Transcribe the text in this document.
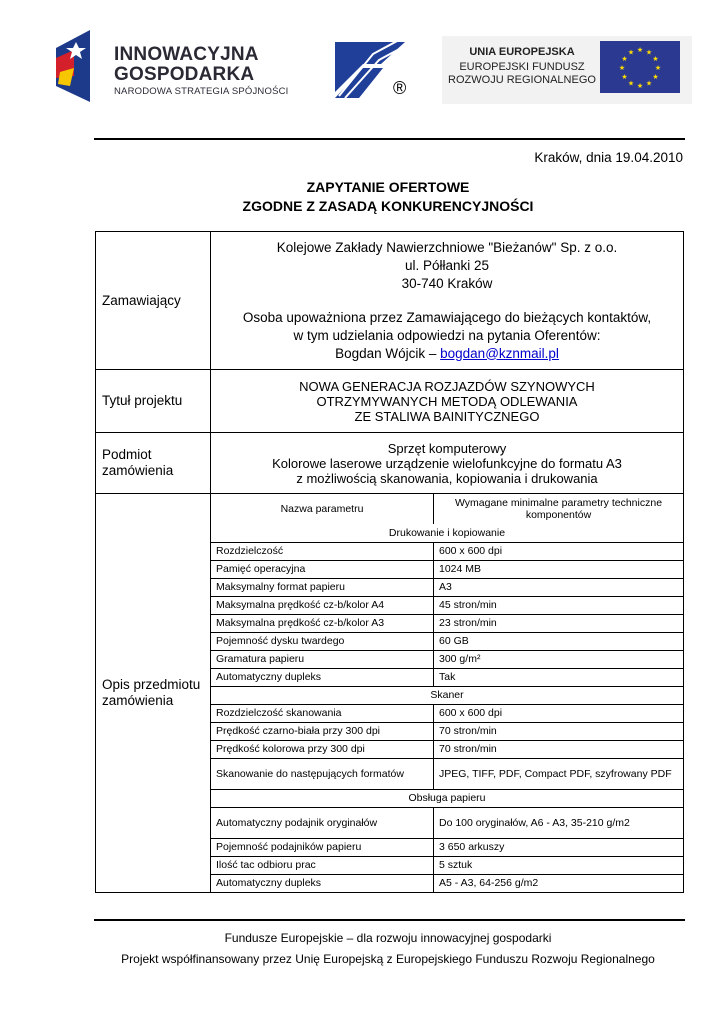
INNOWACYJNA
GOSPODARKA
NARODOWA STRATEGIA SPÓJNOŚCI	®
UNIA EUROPEJSKA
EUROPEJSKI FUNDUSZ
ROZWOJU REGIONALNEGO
★ ★
★
★
★
★
★
★
★
★
★
★
Kraków, dnia 19.04.2010
ZAPYTANIE OFERTOWE
ZGODNE Z ZASADĄ KONKURENCYJNOŚCI
Zamawiający
Kolejowe Zakłady Nawierzchniowe "Bieżanów" Sp. z o.o.
ul. Półłanki 25
30-740 Kraków
Osoba upoważniona przez Zamawiającego do bieżących kontaktów,
w tym udzielania odpowiedzi na pytania Oferentów:
Bogdan Wójcik – bogdan@kznmail.pl
Tytuł projektu
NOWA GENERACJA ROZJAZDÓW SZYNOWYCH
OTRZYMYWANYCH METODĄ ODLEWANIA
ZE STALIWA BAINITYCZNEGO
Podmiot
zamówienia
Sprzęt komputerowy
Kolorowe laserowe urządzenie wielofunkcyjne do formatu A3
z możliwością skanowania, kopiowania i drukowania
Opis przedmiotu
zamówienia
Nazwa parametru	Wymagane minimalne parametry techniczne komponentów
Drukowanie i kopiowanie	
Rozdzielczość	600 x 600 dpi
Pamięć operacyjna	1024 MB
Maksymalny format papieru	A3
Maksymalna prędkość cz-b/kolor A4	45 stron/min
Maksymalna prędkość cz-b/kolor A3	23 stron/min
Pojemność dysku twardego	60 GB
Gramatura papieru	300 g/m²
Automatyczny dupleks	Tak
Skaner	
Rozdzielczość skanowania	600 x 600 dpi
Prędkość czarno-biała przy 300 dpi	70 stron/min
Prędkość kolorowa przy 300 dpi	70 stron/min
Skanowanie do następujących formatów	JPEG, TIFF, PDF, Compact PDF, szyfrowany PDF
Obsługa papieru	
Automatyczny podajnik oryginałów	Do 100 oryginałów, A6 - A3, 35-210 g/m2
Pojemność podajników papieru	3 650 arkuszy
Ilość tac odbioru prac	5 sztuk
Automatyczny dupleks	A5 - A3, 64-256 g/m2
Fundusze Europejskie – dla rozwoju innowacyjnej gospodarki
Projekt współfinansowany przez Unię Europejską z Europejskiego Funduszu Rozwoju Regionalnego
